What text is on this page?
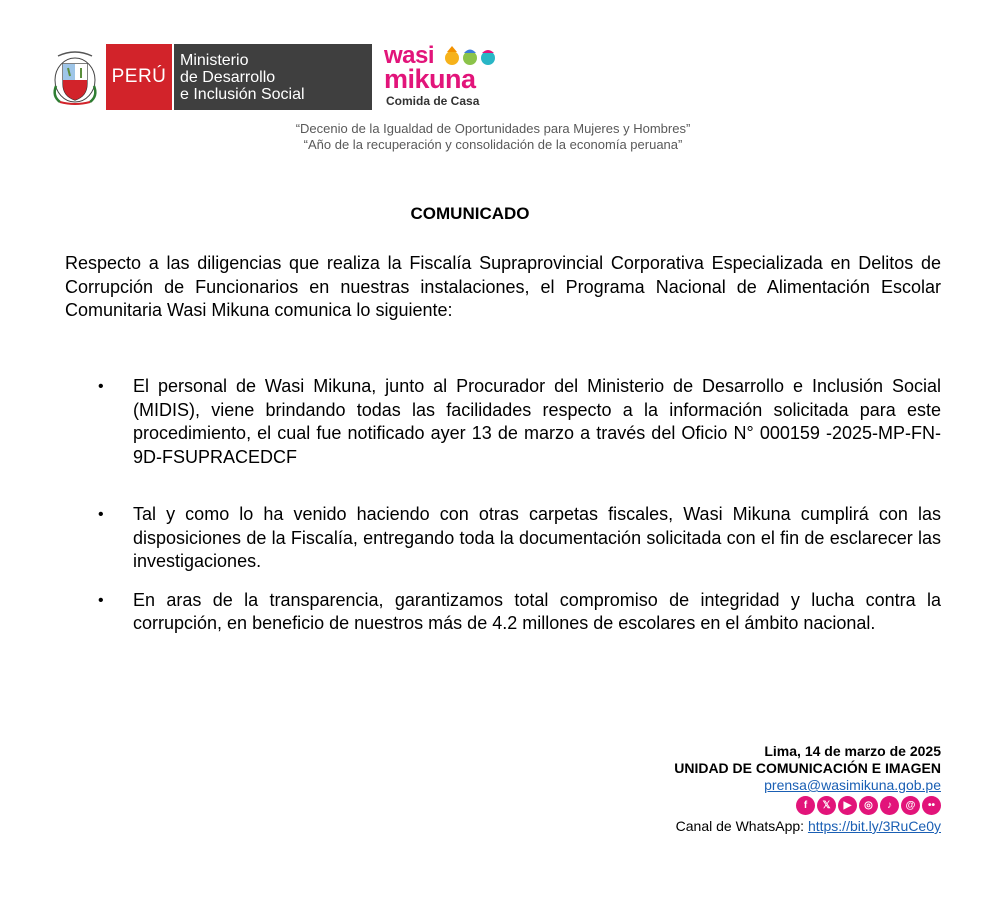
PERÚ
Ministerio
de Desarrollo
e Inclusión Social
wasi
mikuna
Comida de Casa
“Decenio de la Igualdad de Oportunidades para Mujeres y Hombres”
“Año de la recuperación y consolidación de la economía peruana”
COMUNICADO
Respecto a las diligencias que realiza la Fiscalía Supraprovincial Corporativa Especializada en Delitos de Corrupción de Funcionarios en nuestras instalaciones, el Programa Nacional de Alimentación Escolar Comunitaria Wasi Mikuna comunica lo siguiente:
• El personal de Wasi Mikuna, junto al Procurador del Ministerio de Desarrollo e Inclusión Social (MIDIS), viene brindando todas las facilidades respecto a la información solicitada para este procedimiento, el cual fue notificado ayer 13 de marzo a través del Oficio N° 000159 -2025-MP-FN-9D-FSUPRACEDCF
• Tal y como lo ha venido haciendo con otras carpetas fiscales, Wasi Mikuna cumplirá con las disposiciones de la Fiscalía, entregando toda la documentación solicitada con el fin de esclarecer las investigaciones.
• En aras de la transparencia, garantizamos total compromiso de integridad y lucha contra la corrupción, en beneficio de nuestros más de 4.2 millones de escolares en el ámbito nacional.
Lima, 14 de marzo de 2025
UNIDAD DE COMUNICACIÓN E IMAGEN
prensa@wasimikuna.gob.pe
f	𝕏	▶	◎	♪	@	••
Canal de WhatsApp: https://bit.ly/3RuCe0y
